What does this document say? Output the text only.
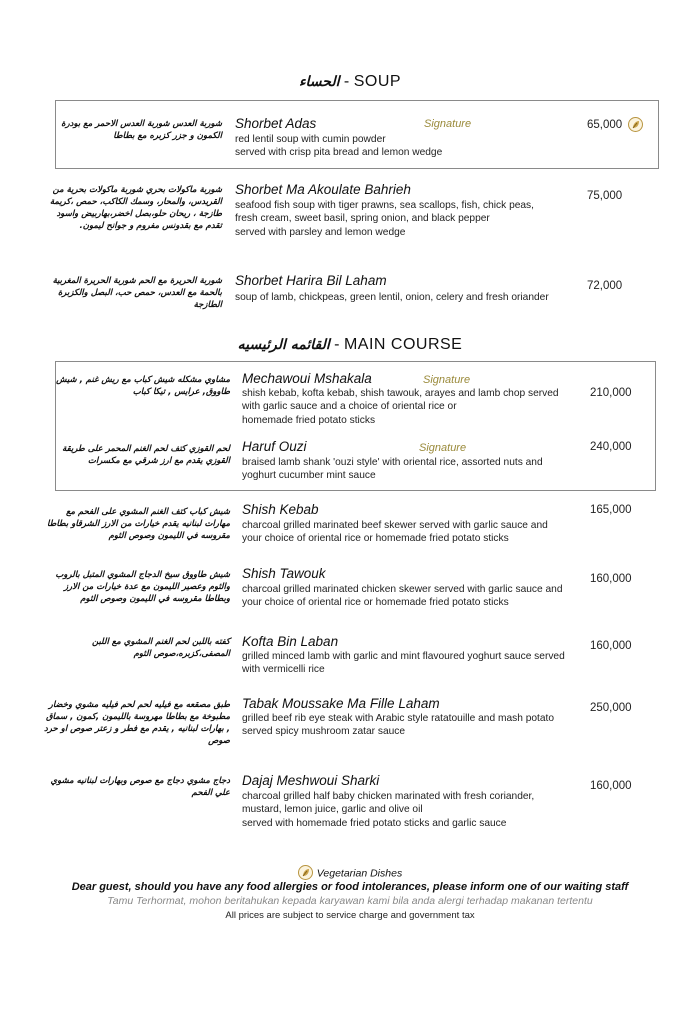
الحساء - SOUP
شوربة العدس شوربة العدس الاحمر مع بودرة الكمون و جزر كزبره مع بطاطا
Shorbet Adas	Signature
red lentil soup with cumin powder
served with crisp pita bread and lemon wedge
65,000
شوربة ماكولات بحري شوربة ماكولات بحرية من القريدس، والمحار، وسمك الكاكب، حمص ،كريمة طازجة ، ريحان حلو،بصل اخضر،بهاربيض واسود تقدم مع بقدونس مفروم و جوانح ليمون.
Shorbet Ma Akoulate Bahrieh
seafood fish soup with tiger prawns, sea scallops, fish, chick peas,
fresh cream, sweet basil, spring onion, and black pepper
served with parsley and lemon wedge
75,000
شوربة الحريرة مع الحم شوربة الحريرة المغربية بالحمة مع العدس، حمص حب، البصل والكزبرة الطازجة
Shorbet Harira Bil Laham
soup of lamb, chickpeas, green lentil, onion, celery and fresh oriander
72,000
القائمه الرئيسيه - MAIN COURSE
مشاوي مشكله شيش كباب مع ريش غنم , شيش طاووق, عرايس , تيكا كباب
Mechawoui Mshakala	Signature
shish kebab, kofta kebab, shish tawouk, arayes and lamb chop served
with garlic sauce and a choice of oriental rice or
homemade fried potato sticks
210,000
لحم القوزي كتف لحم الغنم المحمر على طريقة القوزي يقدم مع ارز شرقي مع مكسرات
Haruf Ouzi	Signature
braised lamb shank 'ouzi style' with oriental rice, assorted nuts and
yoghurt cucumber mint sauce
240,000
شيش كباب كتف الغنم المشوي على الفحم مع مهارات لبنانيه يقدم خيارات من الارز الشرقاو بطاطا مقروسه في الليمون وصوص الثوم
Shish Kebab
charcoal grilled marinated beef skewer served with garlic sauce and
your choice of oriental rice or homemade fried potato sticks
165,000
شيش طاووق سيخ الدجاج المشوي المتبل بالروب والثوم وعصير الليمون مع عدة خيارات من الارز وبطاطا مقروسه في الليمون وصوص الثوم
Shish Tawouk
charcoal grilled marinated chicken skewer served with garlic sauce and
your choice of oriental rice or homemade fried potato sticks
160,000
كفته باللبن لحم الغنم المشوي مع اللبن المصفى،كزبره،صوص الثوم
Kofta Bin Laban
grilled minced lamb with garlic and mint flavoured yoghurt sauce served
with vermicelli rice
160,000
طبق مصقعه مع فيليه لحم لحم فيليه مشوي وخضار مطبوخة مع بطاطا مهروسة بالليمون ,كمون , سماق , بهارات لبنانيه , يقدم مع فطر و زعتر صوص او حرد صوص
Tabak Moussake Ma Fille Laham
grilled beef rib eye steak with Arabic style ratatouille and mash potato
served spicy mushroom zatar sauce
250,000
دجاج مشوي دجاج مع صوص وبهارات لبنانيه مشوي علي الفحم
Dajaj Meshwoui Sharki
charcoal grilled half baby chicken marinated with fresh coriander,
mustard, lemon juice, garlic and olive oil
served with homemade fried potato sticks and garlic sauce
160,000
Vegetarian Dishes
Dear guest, should you have any food allergies or food intolerances, please inform one of our waiting staff
Tamu Terhormat, mohon beritahukan kepada karyawan kami bila anda alergi terhadap makanan tertentu
All prices are subject to service charge and government tax
